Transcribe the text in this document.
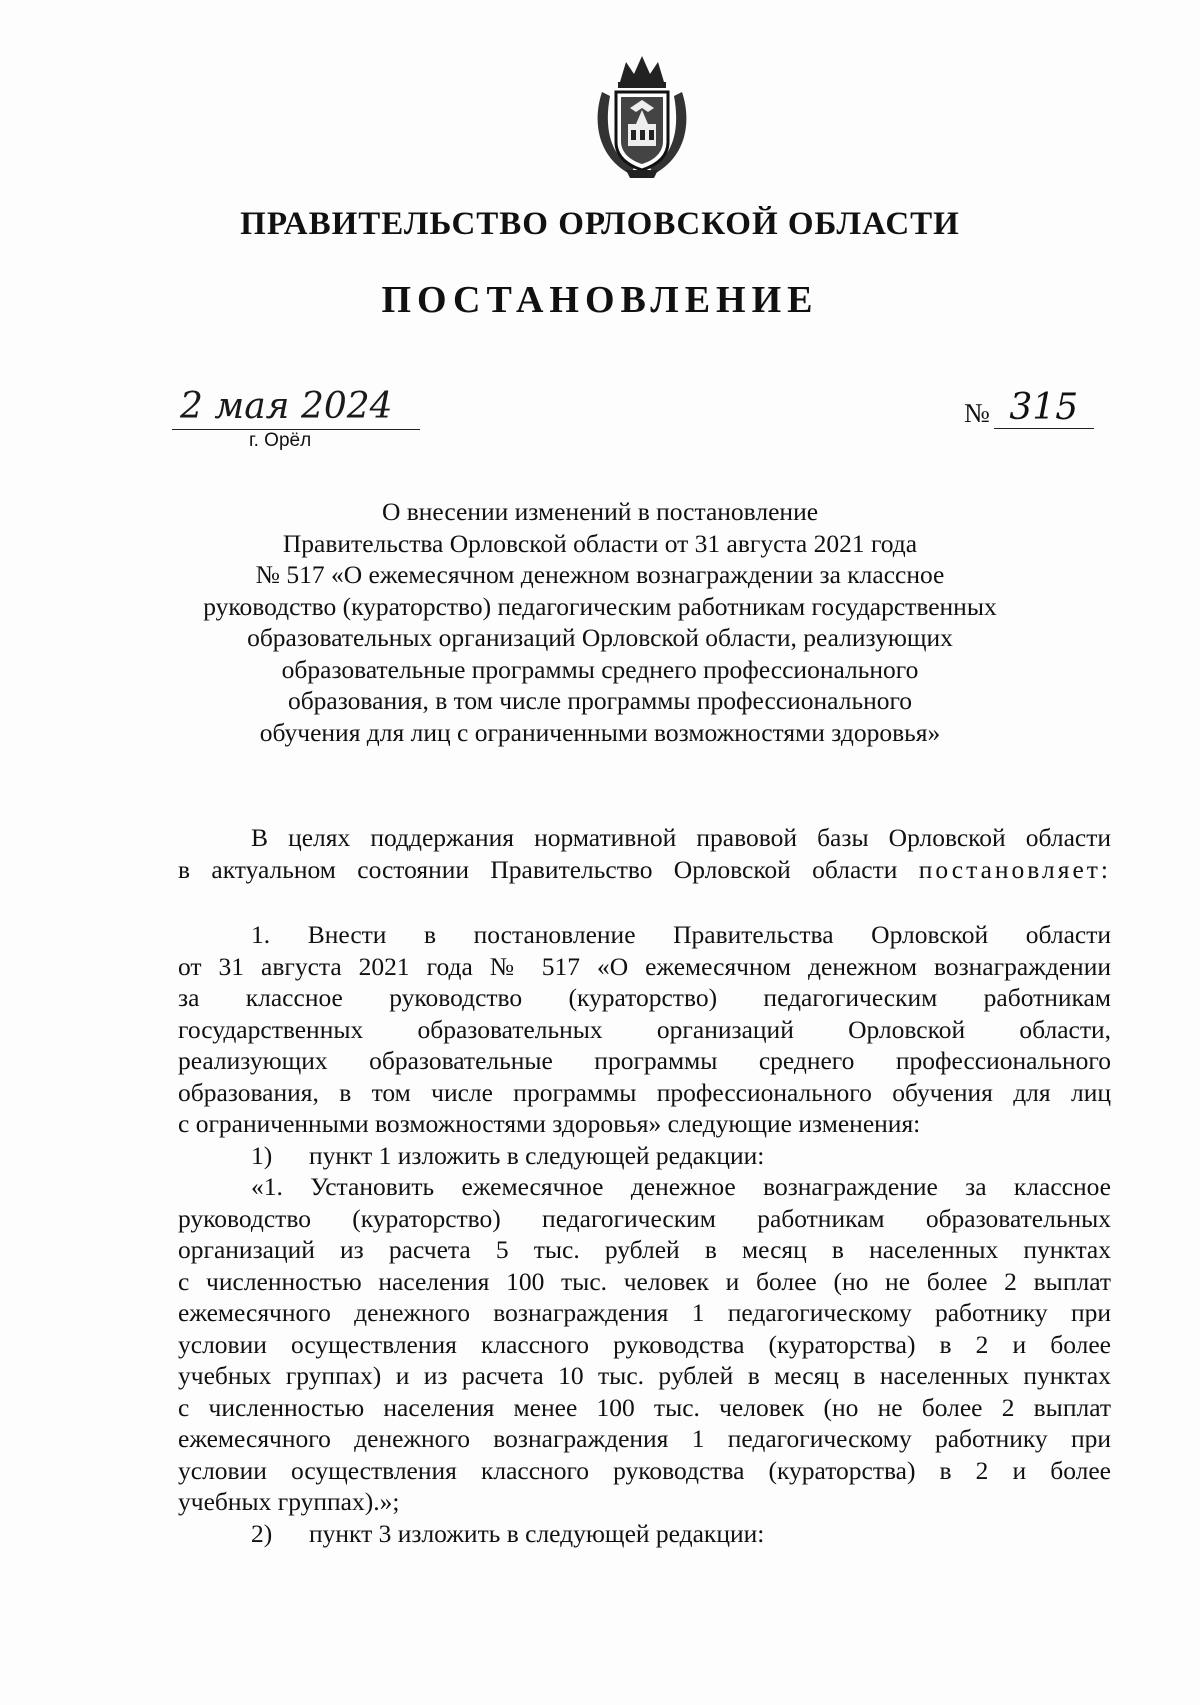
ПРАВИТЕЛЬСТВО ОРЛОВСКОЙ ОБЛАСТИ
ПОСТАНОВЛЕНИЕ
2 мая 2024
г. Орёл
№ 315
О внесении изменений в постановление
Правительства Орловской области от 31 августа 2021 года
№ 517 «О ежемесячном денежном вознаграждении за классное
руководство (кураторство) педагогическим работникам государственных
образовательных организаций Орловской области, реализующих
образовательные программы среднего профессионального
образования, в том числе программы профессионального
обучения для лиц с ограниченными возможностями здоровья»
В целях поддержания нормативной правовой базы Орловской области
в актуальном состоянии Правительство Орловской области постановляет:
1. Внести в постановление Правительства Орловской области
от 31 августа 2021 года № 517 «О ежемесячном денежном вознаграждении
за классное руководство (кураторство) педагогическим работникам
государственных образовательных организаций Орловской области,
реализующих образовательные программы среднего профессионального
образования, в том числе программы профессионального обучения для лиц
с ограниченными возможностями здоровья» следующие изменения:
1) пункт 1 изложить в следующей редакции:
«1. Установить ежемесячное денежное вознаграждение за классное
руководство (кураторство) педагогическим работникам образовательных
организаций из расчета 5 тыс. рублей в месяц в населенных пунктах
с численностью населения 100 тыс. человек и более (но не более 2 выплат
ежемесячного денежного вознаграждения 1 педагогическому работнику при
условии осуществления классного руководства (кураторства) в 2 и более
учебных группах) и из расчета 10 тыс. рублей в месяц в населенных пунктах
с численностью населения менее 100 тыс. человек (но не более 2 выплат
ежемесячного денежного вознаграждения 1 педагогическому работнику при
условии осуществления классного руководства (кураторства) в 2 и более
учебных группах).»;
2) пункт 3 изложить в следующей редакции:
